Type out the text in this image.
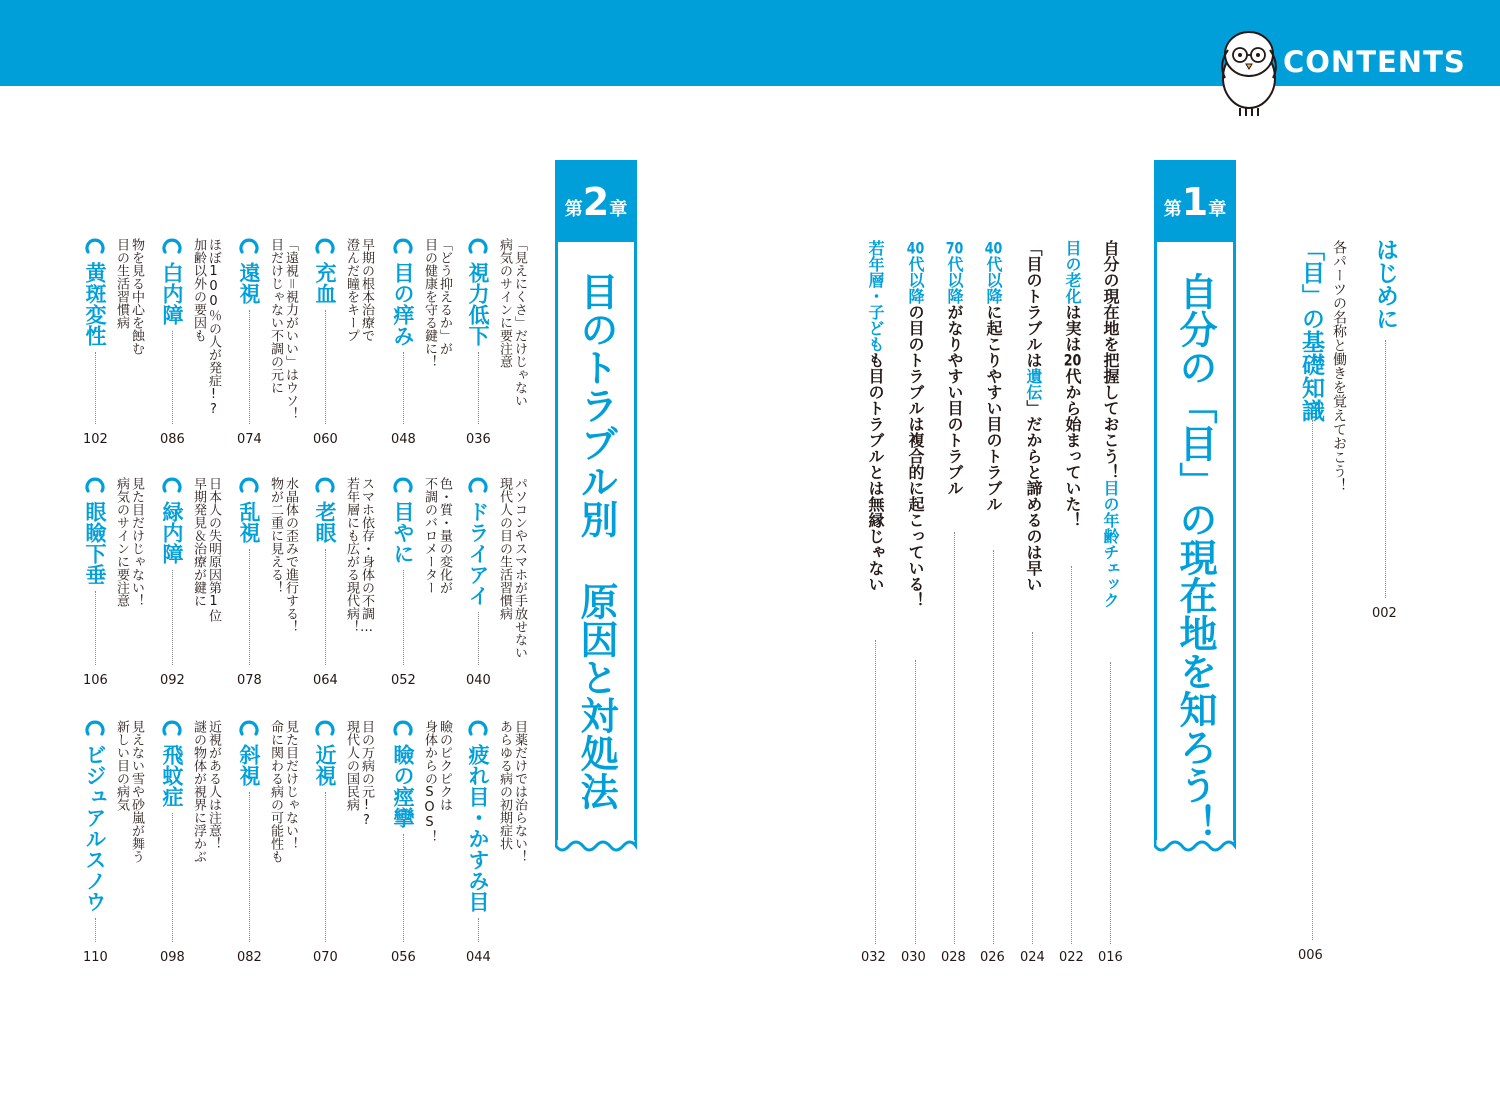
CONTENTS
はじめに
002
各パーツの名称と働きを覚えておこう！
「目」の基礎知識
006
第1章
自分の「目」の現在地を知ろう！
自分の現在地を把握しておこう！目の年齢チェック
016
目の老化は実は20代から始まっていた！
022
「目のトラブルは遺伝」だからと諦めるのは早い
024
40代以降に起こりやすい目のトラブル
026
70代以降がなりやすい目のトラブル
028
40代以降の目のトラブルは複合的に起こっている！
030
若年層・子どもも目のトラブルとは無縁じゃない
032
第2章
目のトラブル別 原因と対処法
「見えにくさ」だけじゃない
病気のサインに要注意
視力低下
036
パソコンやスマホが手放せない
現代人の目の生活習慣病
ドライアイ
040
目薬だけでは治らない！
あらゆる病の初期症状
疲れ目・かすみ目
044
「どう抑えるか」が
目の健康を守る鍵に！
目の痒み
048
色・質・量の変化が
不調のバロメーター
目やに
052
瞼のピクピクは
身体からのSOS！
瞼の痙攣
056
早期の根本治療で
澄んだ瞳をキープ
充血
060
スマホ依存・身体の不調…
若年層にも広がる現代病！
老眼
064
目の万病の元!?
現代人の国民病
近視
070
「遠視＝視力がいい」はウソ！
目だけじゃない不調の元に
遠視
074
水晶体の歪みで進行する！
物が二重に見える！
乱視
078
見た目だけじゃない！
命に関わる病の可能性も
斜視
082
ほぼ100％の人が発症!?
加齢以外の要因も
白内障
086
日本人の失明原因第1位
早期発見＆治療が鍵に
緑内障
092
近視がある人は注意！
謎の物体が視界に浮かぶ
飛蚊症
098
物を見る中心を蝕む
目の生活習慣病
黄斑変性
102
見た目だけじゃない！
病気のサインに要注意
眼瞼下垂
106
見えない雪や砂嵐が舞う
新しい目の病気
ビジュアルスノウ
110
